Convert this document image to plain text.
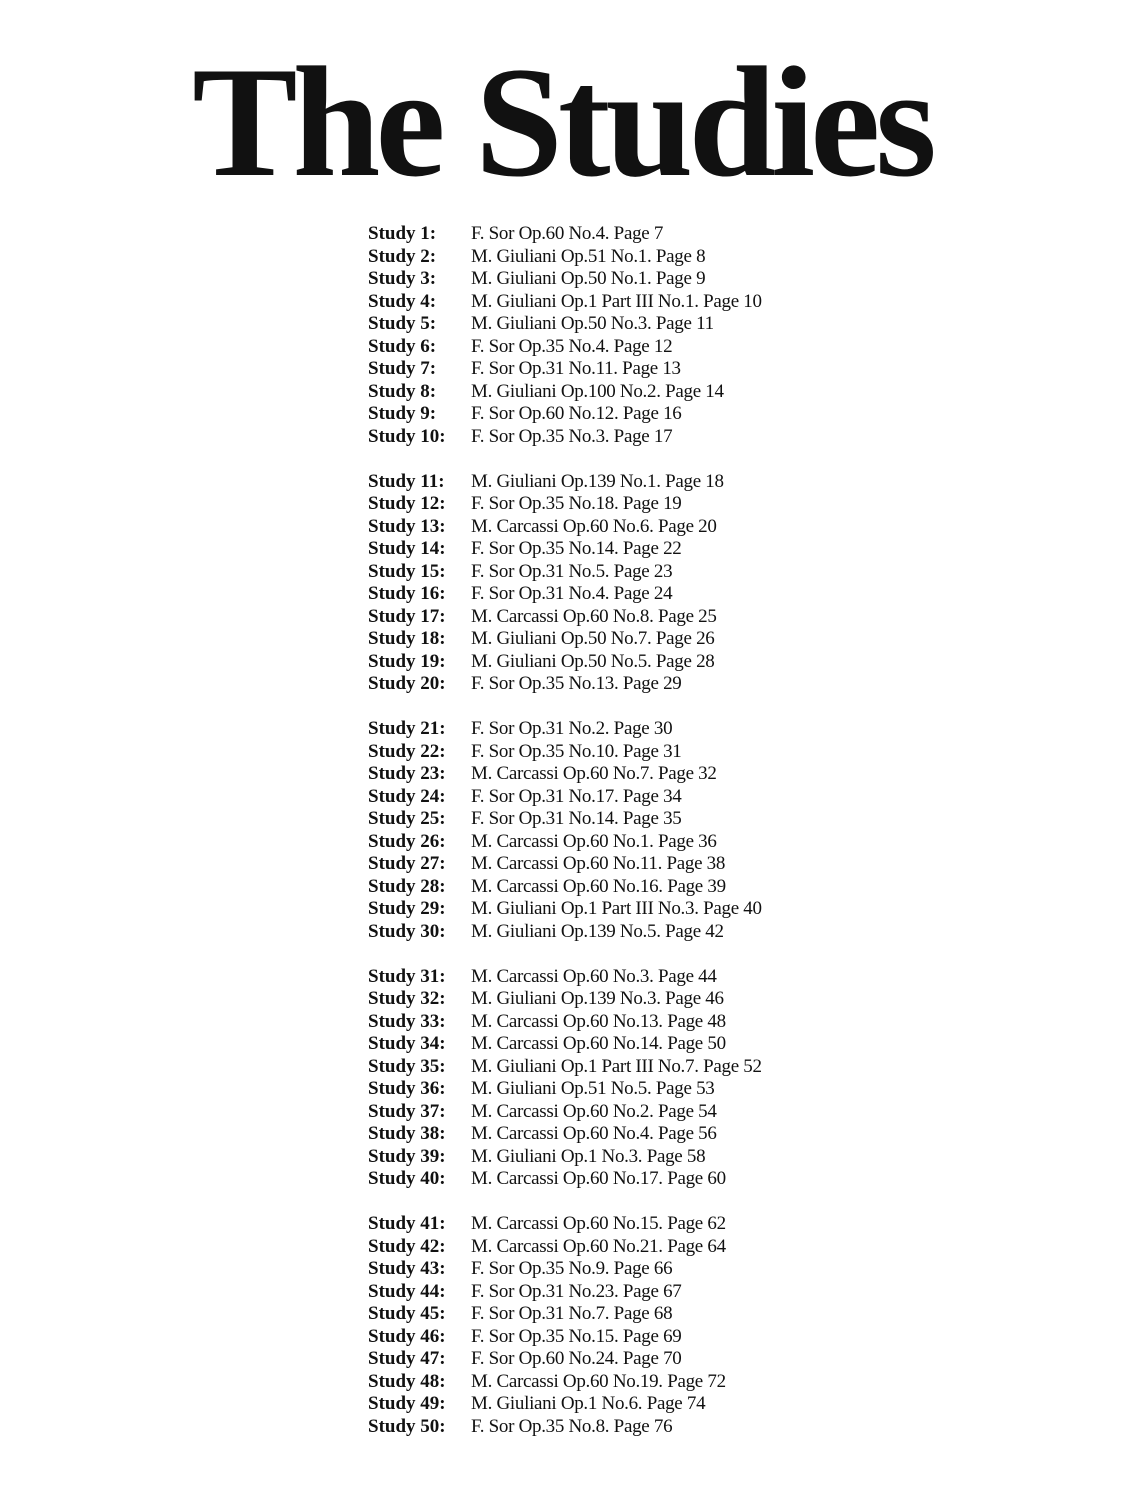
The Studies
Study 1:	F. Sor Op.60 No.4. Page 7
Study 2:	M. Giuliani Op.51 No.1. Page 8
Study 3:	M. Giuliani Op.50 No.1. Page 9
Study 4:	M. Giuliani Op.1 Part III No.1. Page 10
Study 5:	M. Giuliani Op.50 No.3. Page 11
Study 6:	F. Sor Op.35 No.4. Page 12
Study 7:	F. Sor Op.31 No.11. Page 13
Study 8:	M. Giuliani Op.100 No.2. Page 14
Study 9:	F. Sor Op.60 No.12. Page 16
Study 10:	F. Sor Op.35 No.3. Page 17
Study 11:	M. Giuliani Op.139 No.1. Page 18
Study 12:	F. Sor Op.35 No.18. Page 19
Study 13:	M. Carcassi Op.60 No.6. Page 20
Study 14:	F. Sor Op.35 No.14. Page 22
Study 15:	F. Sor Op.31 No.5. Page 23
Study 16:	F. Sor Op.31 No.4. Page 24
Study 17:	M. Carcassi Op.60 No.8. Page 25
Study 18:	M. Giuliani Op.50 No.7. Page 26
Study 19:	M. Giuliani Op.50 No.5. Page 28
Study 20:	F. Sor Op.35 No.13. Page 29
Study 21:	F. Sor Op.31 No.2. Page 30
Study 22:	F. Sor Op.35 No.10. Page 31
Study 23:	M. Carcassi Op.60 No.7. Page 32
Study 24:	F. Sor Op.31 No.17. Page 34
Study 25:	F. Sor Op.31 No.14. Page 35
Study 26:	M. Carcassi Op.60 No.1. Page 36
Study 27:	M. Carcassi Op.60 No.11. Page 38
Study 28:	M. Carcassi Op.60 No.16. Page 39
Study 29:	M. Giuliani Op.1 Part III No.3. Page 40
Study 30:	M. Giuliani Op.139 No.5. Page 42
Study 31:	M. Carcassi Op.60 No.3. Page 44
Study 32:	M. Giuliani Op.139 No.3. Page 46
Study 33:	M. Carcassi Op.60 No.13. Page 48
Study 34:	M. Carcassi Op.60 No.14. Page 50
Study 35:	M. Giuliani Op.1 Part III No.7. Page 52
Study 36:	M. Giuliani Op.51 No.5. Page 53
Study 37:	M. Carcassi Op.60 No.2. Page 54
Study 38:	M. Carcassi Op.60 No.4. Page 56
Study 39:	M. Giuliani Op.1 No.3. Page 58
Study 40:	M. Carcassi Op.60 No.17. Page 60
Study 41:	M. Carcassi Op.60 No.15. Page 62
Study 42:	M. Carcassi Op.60 No.21. Page 64
Study 43:	F. Sor Op.35 No.9. Page 66
Study 44:	F. Sor Op.31 No.23. Page 67
Study 45:	F. Sor Op.31 No.7. Page 68
Study 46:	F. Sor Op.35 No.15. Page 69
Study 47:	F. Sor Op.60 No.24. Page 70
Study 48:	M. Carcassi Op.60 No.19. Page 72
Study 49:	M. Giuliani Op.1 No.6. Page 74
Study 50:	F. Sor Op.35 No.8. Page 76
